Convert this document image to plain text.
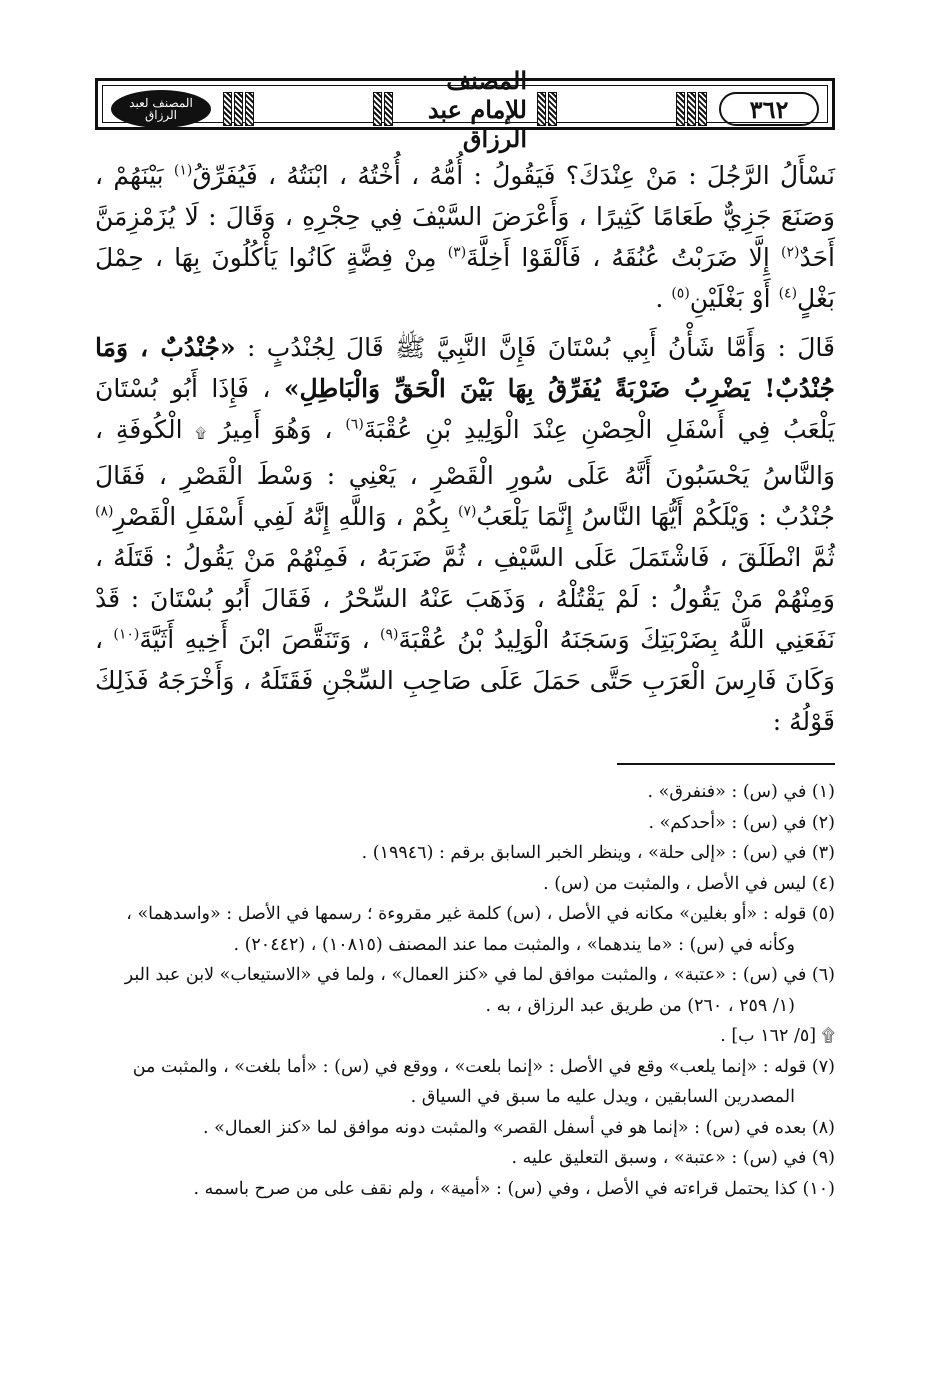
٣٦٢
المصنف للإمام عبد الرزاق
المصنف لعبد الرزاق

نَسْأَلُ الرَّجُلَ : مَنْ عِنْدَكَ؟ فَيَقُولُ : أُمُّهُ ، أُخْتُهُ ، ابْنَتُهُ ، فَيُفَرِّقُ$^{(١)}$ بَيْنَهُمْ ، وَصَنَعَ جَزِيٌّ طَعَامًا كَثِيرًا ، وَأَعْرَضَ السَّيْفَ فِي حِجْرِهِ ، وَقَالَ : لَا يُزَمْزِمَنَّ أَحَدٌ$^{(٢)}$ إِلَّا ضَرَبْتُ عُنُقَهُ ، فَأَلْقَوْا أَخِلَّةَ$^{(٣)}$ مِنْ فِضَّةٍ كَانُوا يَأْكُلُونَ بِهَا ، حِمْلَ بَغْلٍ$^{(٤)}$ أَوْ بَغْلَيْنِ$^{(٥)}$ .

قَالَ : وَأَمَّا شَأْنُ أَبِي بُسْتَانَ فَإِنَّ النَّبِيَّ ﷺ قَالَ لِجُنْدُبٍ : «جُنْدُبٌ ، وَمَا جُنْدُبٌ! يَضْرِبُ ضَرْبَةً يُفَرِّقُ بِهَا بَيْنَ الْحَقِّ وَالْبَاطِلِ» ، فَإِذَا أَبُو بُسْتَانَ يَلْعَبُ فِي أَسْفَلِ الْحِصْنِ عِنْدَ الْوَلِيدِ بْنِ عُقْبَةَ$^{(٦)}$ ، وَهُوَ أَمِيرُ ۩ الْكُوفَةِ ، وَالنَّاسُ يَحْسَبُونَ أَنَّهُ عَلَى سُورِ الْقَصْرِ ، يَعْنِي : وَسْطَ الْقَصْرِ ، فَقَالَ جُنْدُبٌ : وَيْلَكُمْ أَيُّهَا النَّاسُ إِنَّمَا يَلْعَبُ$^{(٧)}$ بِكُمْ ، وَاللَّهِ إِنَّهُ لَفِي أَسْفَلِ الْقَصْرِ$^{(٨)}$ ثُمَّ انْطَلَقَ ، فَاشْتَمَلَ عَلَى السَّيْفِ ، ثُمَّ ضَرَبَهُ ، فَمِنْهُمْ مَنْ يَقُولُ : قَتَلَهُ ، وَمِنْهُمْ مَنْ يَقُولُ : لَمْ يَقْتُلْهُ ، وَذَهَبَ عَنْهُ السِّحْرُ ، فَقَالَ أَبُو بُسْتَانَ : قَدْ نَفَعَنِي اللَّهُ بِضَرْبَتِكَ وَسَجَنَهُ الْوَلِيدُ بْنُ عُقْبَةَ$^{(٩)}$ ، وَتَنَقَّصَ ابْنَ أَخِيهِ أَثَيَّةَ$^{(١٠)}$ ، وَكَانَ فَارِسَ الْعَرَبِ حَتَّى حَمَلَ عَلَى صَاحِبِ السِّجْنِ فَقَتَلَهُ ، وَأَخْرَجَهُ فَذَلِكَ قَوْلُهُ :

(١) في (س) : «فنفرق» .

(٢) في (س) : «أحدكم» .

(٣) في (س) : «إلى حلة» ، وينظر الخبر السابق برقم : (١٩٩٤٦) .

(٤) ليس في الأصل ، والمثبت من (س) .

(٥) قوله : «أو بغلين» مكانه في الأصل ، (س) كلمة غير مقروءة ؛ رسمها في الأصل : «واسدهما» ،

وكأنه في (س) : «ما يندهما» ، والمثبت مما عند المصنف (١٠٨١٥) ، (٢٠٤٤٢) .

(٦) في (س) : «عتبة» ، والمثبت موافق لما في «كنز العمال» ، ولما في «الاستيعاب» لابن عبد البر

(١/ ٢٥٩ ، ٢٦٠) من طريق عبد الرزاق ، به .

۩ [٥/ ١٦٢ ب] .

(٧) قوله : «إنما يلعب» وقع في الأصل : «إنما بلعت» ، ووقع في (س) : «أما بلغت» ، والمثبت من

المصدرين السابقين ، ويدل عليه ما سبق في السياق .

(٨) بعده في (س) : «إنما هو في أسفل القصر» والمثبت دونه موافق لما «كنز العمال» .

(٩) في (س) : «عتبة» ، وسبق التعليق عليه .

(١٠) كذا يحتمل قراءته في الأصل ، وفي (س) : «أمية» ، ولم نقف على من صرح باسمه .
